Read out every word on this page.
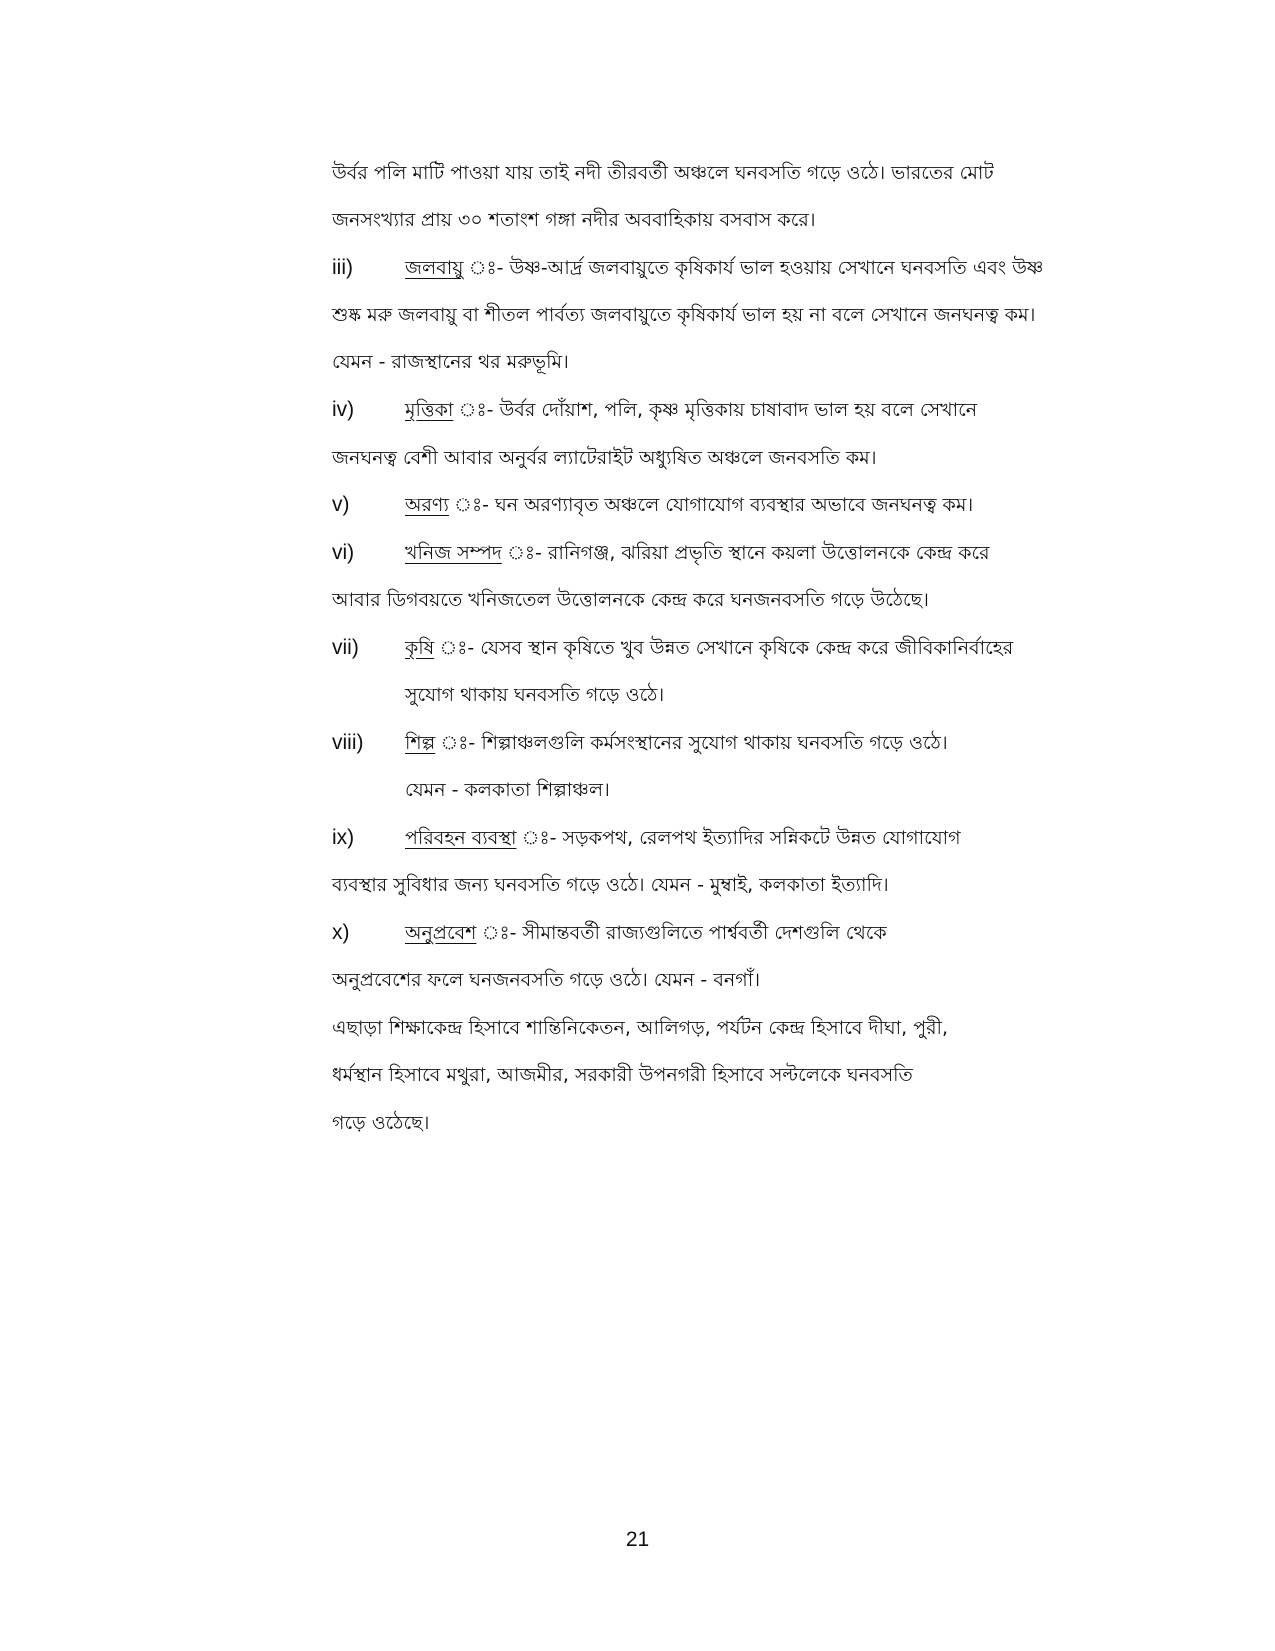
উর্বর পলি মাটি পাওয়া যায় তাই নদী তীরবর্তী অঞ্চলে ঘনবসতি গড়ে ওঠে। ভারতের মোট
জনসংখ্যার প্রায় ৩০ শতাংশ গঙ্গা নদীর অববাহিকায় বসবাস করে।
iii)	জলবায়ু ঃ- উষ্ণ-আর্দ্র জলবায়ুতে কৃষিকার্য ভাল হওয়ায় সেখানে ঘনবসতি এবং উষ্ণ
শুষ্ক মরু জলবায়ু বা শীতল পার্বত্য জলবায়ুতে কৃষিকার্য ভাল হয় না বলে সেখানে জনঘনত্ব কম।
যেমন - রাজস্থানের থর মরুভূমি।
iv)	মৃত্তিকা ঃ- উর্বর দোঁয়াশ, পলি, কৃষ্ণ মৃত্তিকায় চাষাবাদ ভাল হয় বলে সেখানে
জনঘনত্ব বেশী আবার অনুর্বর ল্যাটেরাইট অধ্যুষিত অঞ্চলে জনবসতি কম।
v)	অরণ্য ঃ- ঘন অরণ্যাবৃত অঞ্চলে যোগাযোগ ব্যবস্থার অভাবে জনঘনত্ব কম।
vi)	খনিজ সম্পদ ঃ- রানিগঞ্জ, ঝরিয়া প্রভৃতি স্থানে কয়লা উত্তোলনকে কেন্দ্র করে
আবার ডিগবয়তে খনিজতেল উত্তোলনকে কেন্দ্র করে ঘনজনবসতি গড়ে উঠেছে।
vii) কৃষি ঃ- যেসব স্থান কৃষিতে খুব উন্নত সেখানে কৃষিকে কেন্দ্র করে জীবিকানির্বাহের
সুযোগ থাকায় ঘনবসতি গড়ে ওঠে।
viii) শিল্প ঃ- শিল্পাঞ্চলগুলি কর্মসংস্থানের সুযোগ থাকায় ঘনবসতি গড়ে ওঠে।
যেমন - কলকাতা শিল্পাঞ্চল।
ix)	পরিবহন ব্যবস্থা ঃ- সড়কপথ, রেলপথ ইত্যাদির সন্নিকটে উন্নত যোগাযোগ
ব্যবস্থার সুবিধার জন্য ঘনবসতি গড়ে ওঠে। যেমন - মুম্বাই, কলকাতা ইত্যাদি।
x)	অনুপ্রবেশ ঃ- সীমান্তবর্তী রাজ্যগুলিতে পার্শ্ববর্তী দেশগুলি থেকে
অনুপ্রবেশের ফলে ঘনজনবসতি গড়ে ওঠে। যেমন - বনগাঁ।
এছাড়া শিক্ষাকেন্দ্র হিসাবে শান্তিনিকেতন, আলিগড়, পর্যটন কেন্দ্র হিসাবে দীঘা, পুরী,
ধর্মস্থান হিসাবে মথুরা, আজমীর, সরকারী উপনগরী হিসাবে সল্টলেকে ঘনবসতি
গড়ে ওঠেছে।
21
